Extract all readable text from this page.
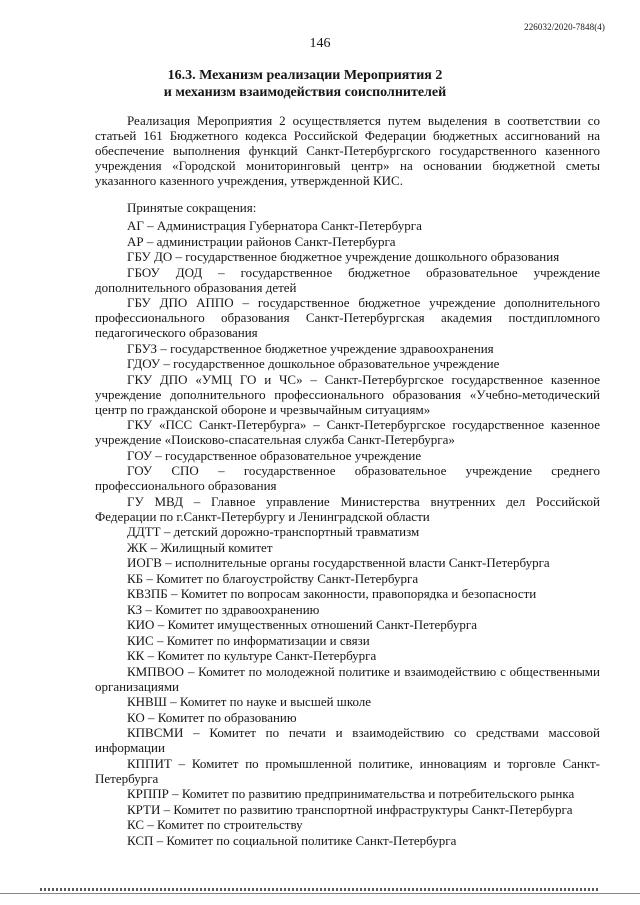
226032/2020-7848(4)
146
16.3. Механизм реализации Мероприятия 2
и механизм взаимодействия соисполнителей

Реализация Мероприятия 2 осуществляется путем выделения в соответствии со статьей 161 Бюджетного кодекса Российской Федерации бюджетных ассигнований на обеспечение выполнения функций Санкт-Петербургского государственного казенного учреждения «Городской мониторинговый центр» на основании бюджетной сметы указанного казенного учреждения, утвержденной КИС.

Принятые сокращения:

АГ – Администрация Губернатора Санкт-Петербурга

АР – администрации районов Санкт-Петербурга

ГБУ ДО – государственное бюджетное учреждение дошкольного образования

ГБОУ ДОД – государственное бюджетное образовательное учреждение дополнительного образования детей

ГБУ ДПО АППО – государственное бюджетное учреждение дополнительного профессионального образования Санкт-Петербургская академия постдипломного педагогического образования

ГБУЗ – государственное бюджетное учреждение здравоохранения

ГДОУ – государственное дошкольное образовательное учреждение

ГКУ ДПО «УМЦ ГО и ЧС» – Санкт-Петербургское государственное казенное учреждение дополнительного профессионального образования «Учебно-методический центр по гражданской обороне и чрезвычайным ситуациям»

ГКУ «ПСС Санкт-Петербурга» – Санкт-Петербургское государственное казенное учреждение «Поисково-спасательная служба Санкт-Петербурга»

ГОУ – государственное образовательное учреждение

ГОУ СПО – государственное образовательное учреждение среднего профессионального образования

ГУ МВД – Главное управление Министерства внутренних дел Российской Федерации по г.Санкт-Петербургу и Ленинградской области

ДДТТ – детский дорожно-транспортный травматизм

ЖК – Жилищный комитет

ИОГВ – исполнительные органы государственной власти Санкт-Петербурга

КБ – Комитет по благоустройству Санкт-Петербурга

КВЗПБ – Комитет по вопросам законности, правопорядка и безопасности

КЗ – Комитет по здравоохранению

КИО – Комитет имущественных отношений Санкт-Петербурга

КИС – Комитет по информатизации и связи

КК – Комитет по культуре Санкт-Петербурга

КМПВОО – Комитет по молодежной политике и взаимодействию с общественными организациями

КНВШ – Комитет по науке и высшей школе

КО – Комитет по образованию

КПВСМИ – Комитет по печати и взаимодействию со средствами массовой информации

КППИТ – Комитет по промышленной политике, инновациям и торговле Санкт-Петербурга

КРППР – Комитет по развитию предпринимательства и потребительского рынка

КРТИ – Комитет по развитию транспортной инфраструктуры Санкт-Петербурга

КС – Комитет по строительству

КСП – Комитет по социальной политике Санкт-Петербурга
